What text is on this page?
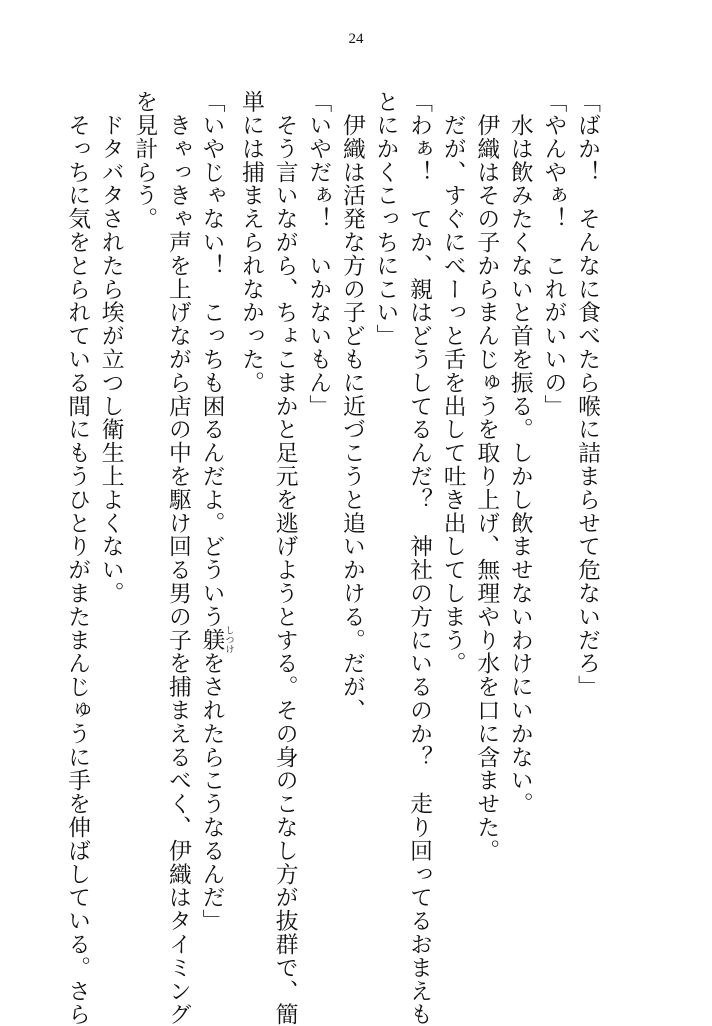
24
「ばか！　そんなに食べたら喉に詰まらせて危ないだろ」
「やんやぁ！　これがいいの」
　水は飲みたくないと首を振る。しかし飲ませないわけにいかない。
　伊織はその子からまんじゅうを取り上げ、無理やり水を口に含ませた。
　だが、すぐにべーっと舌を出して吐き出してしまう。
「わぁ！　てか、親はどうしてるんだ？　神社の方にいるのか？　走り回ってるおまえも
とにかくこっちにこい」
　伊織は活発な方の子どもに近づこうと追いかける。だが、
「いやだぁ！　いかないもん」
　そう言いながら、ちょこまかと足元を逃げようとする。その身のこなし方が抜群で、簡
単には捕まえられなかった。
「いやじゃない！　こっちも困るんだよ。どういう躾 しつけをされたらこうなるんだ」
　きゃっきゃ声を上げながら店の中を駆け回る男の子を捕まえるべく、伊織はタイミング
を見計らう。
　ドタバタされたら埃が立つし衛生上よくない。
　そっちに気をとられている間にもうひとりがまたまんじゅうに手を伸ばしている。さら
